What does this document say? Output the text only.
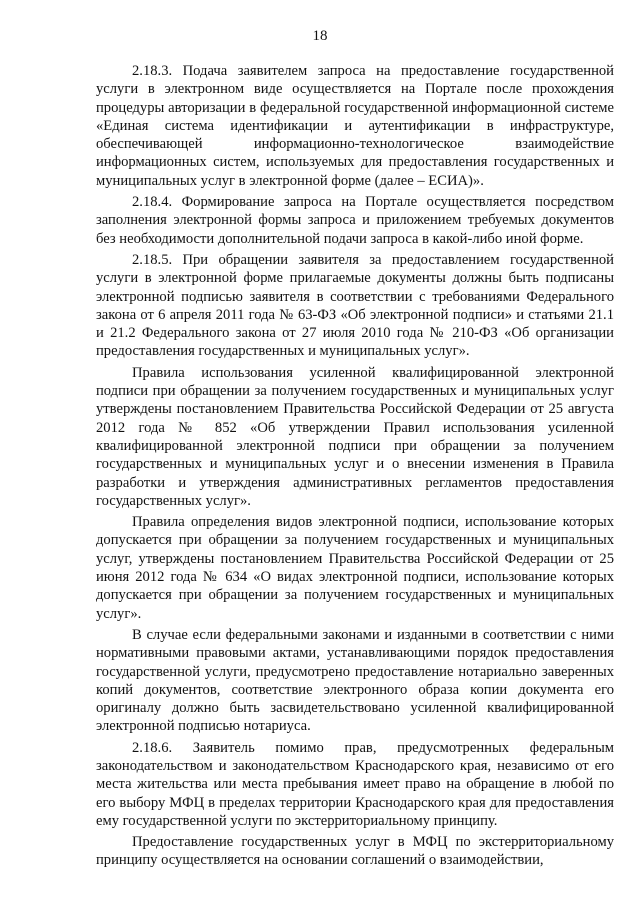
18

2.18.3. Подача заявителем запроса на предоставление государственной услуги в электронном виде осуществляется на Портале после прохождения процедуры авторизации в федеральной государственной информационной системе «Единая система идентификации и аутентификации в инфраструктуре, обеспечивающей информационно-технологическое взаимодействие информационных систем, используемых для предоставления государственных и муниципальных услуг в электронной форме (далее – ЕСИА)».

2.18.4. Формирование запроса на Портале осуществляется посредством заполнения электронной формы запроса и приложением требуемых документов без необходимости дополнительной подачи запроса в какой-либо иной форме.

2.18.5. При обращении заявителя за предоставлением государственной услуги в электронной форме прилагаемые документы должны быть подписаны электронной подписью заявителя в соответствии с требованиями Федерального закона от 6 апреля 2011 года № 63-ФЗ «Об электронной подписи» и статьями 21.1 и 21.2 Федерального закона от 27 июля 2010 года № 210-ФЗ «Об организации предоставления государственных и муниципальных услуг».

Правила использования усиленной квалифицированной электронной подписи при обращении за получением государственных и муниципальных услуг утверждены постановлением Правительства Российской Федерации от 25 августа 2012 года № 852 «Об утверждении Правил использования усиленной квалифицированной электронной подписи при обращении за получением государственных и муниципальных услуг и о внесении изменения в Правила разработки и утверждения административных регламентов предоставления государственных услуг».

Правила определения видов электронной подписи, использование которых допускается при обращении за получением государственных и муниципальных услуг, утверждены постановлением Правительства Российской Федерации от 25 июня 2012 года № 634 «О видах электронной подписи, использование которых допускается при обращении за получением государственных и муниципальных услуг».

В случае если федеральными законами и изданными в соответствии с ними нормативными правовыми актами, устанавливающими порядок предоставления государственной услуги, предусмотрено предоставление нотариально заверенных копий документов, соответствие электронного образа копии документа его оригиналу должно быть засвидетельствовано усиленной квалифицированной электронной подписью нотариуса.

2.18.6. Заявитель помимо прав, предусмотренных федеральным законодательством и законодательством Краснодарского края, независимо от его места жительства или места пребывания имеет право на обращение в любой по его выбору МФЦ в пределах территории Краснодарского края для предоставления ему государственной услуги по экстерриториальному принципу.

Предоставление государственных услуг в МФЦ по экстерриториальному принципу осуществляется на основании соглашений о взаимодействии,
